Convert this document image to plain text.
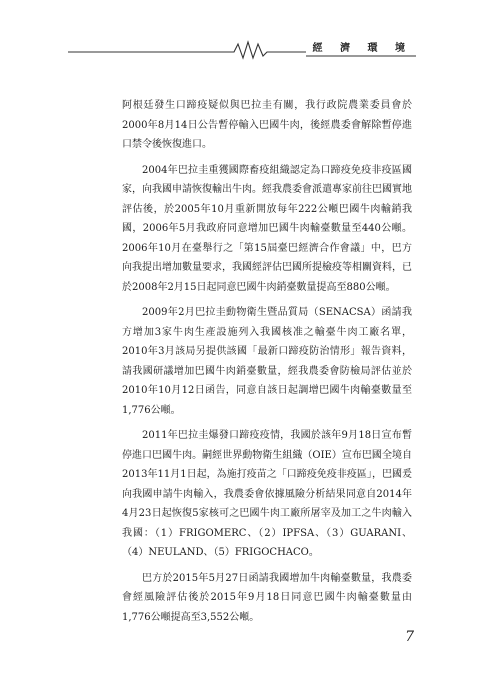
經 濟 環 境

阿根廷發生口蹄疫疑似與巴拉圭有關，我行政院農業委員會於2000年8月14日公告暫停輸入巴國牛肉，後經農委會解除暫停進口禁令後恢復進口。

2004年巴拉圭重獲國際畜疫組織認定為口蹄疫免疫非疫區國家，向我國申請恢復輸出牛肉。經我農委會派遣專家前往巴國實地評估後，於2005年10月重新開放每年222公噸巴國牛肉輸銷我國，2006年5月我政府同意增加巴國牛肉輸臺數量至440公噸。2006年10月在臺舉行之「第15屆臺巴經濟合作會議」中，巴方向我提出增加數量要求，我國經評估巴國所提檢疫等相關資料，已於2008年2月15日起同意巴國牛肉銷臺數量提高至880公噸。

2009年2月巴拉圭動物衛生暨品質局（SENACSA）函請我方增加3家牛肉生產設施列入我國核准之輸臺牛肉工廠名單，2010年3月該局另提供該國「最新口蹄疫防治情形」報告資料，請我國研議增加巴國牛肉銷臺數量，經我農委會防檢局評估並於2010年10月12日函告，同意自該日起調增巴國牛肉輸臺數量至1,776公噸。

2011年巴拉圭爆發口蹄疫疫情，我國於該年9月18日宣布暫停進口巴國牛肉。嗣經世界動物衛生組織（OIE）宣布巴國全境自2013年11月1日起，為施打疫苗之「口蹄疫免疫非疫區」，巴國爰向我國申請牛肉輸入，我農委會依據風險分析結果同意自2014年4月23日起恢復5家核可之巴國牛肉工廠所屠宰及加工之牛肉輸入我國：（1）FRIGOMERC、（2）IPFSA、（3）GUARANI、（4）NEULAND、（5）FRIGOCHACO。

巴方於2015年5月27日函請我國增加牛肉輸臺數量，我農委會經風險評估後於2015年9月18日同意巴國牛肉輸臺數量由1,776公噸提高至3,552公噸。

7
